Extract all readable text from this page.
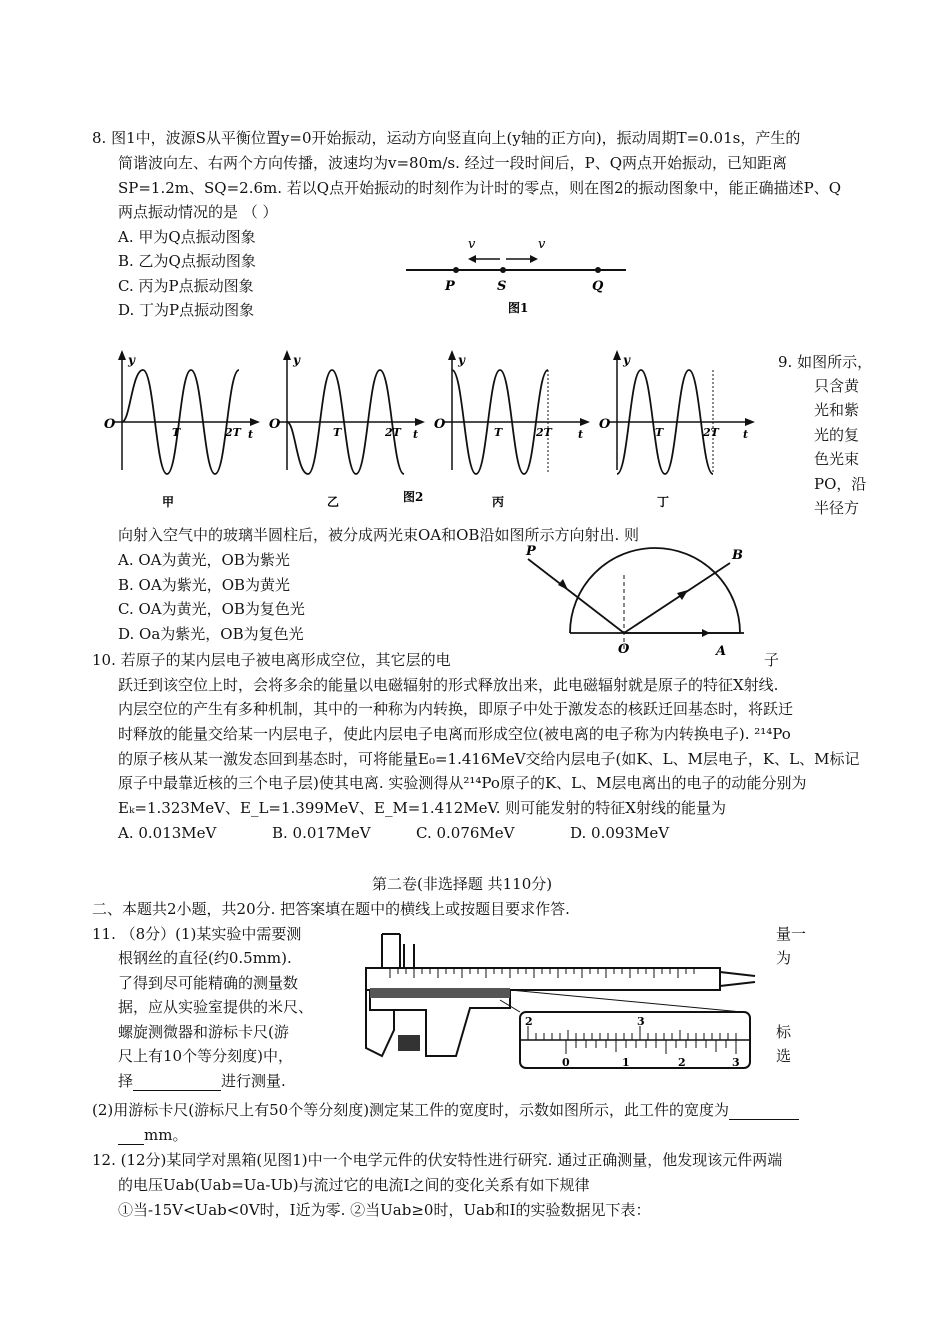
8. 图1中，波源S从平衡位置y=0开始振动，运动方向竖直向上(y轴的正方向)，振动周期T=0.01s，产生的
简谐波向左、右两个方向传播，波速均为v=80m/s. 经过一段时间后，P、Q两点开始振动，已知距离
SP=1.2m、SQ=2.6m. 若以Q点开始振动的时刻作为计时的零点，则在图2的振动图象中，能正确描述P、Q
两点振动情况的是 （ ）
A. 甲为Q点振动图象
B. 乙为Q点振动图象
C. 丙为P点振动图象
D. 丁为P点振动图象
v	v
P	S	Q
图1
y
O
T	2T t
甲
y
O
T	2T t
乙
y
O
T	2T t
丙
y
O
T	2T t
丁
图2
9. 如图所示，
只含黄
光和紫
光的复
色光束
PO，沿
半径方
向射入空气中的玻璃半圆柱后，被分成两光束OA和OB沿如图所示方向射出. 则
A. OA为黄光，OB为紫光
B. OA为紫光，OB为黄光
C. OA为黄光，OB为复色光
D. Oa为紫光，OB为复色光
P	B
O	A
10. 若原子的某内层电子被电离形成空位，其它层的电	子
跃迁到该空位上时，会将多余的能量以电磁辐射的形式释放出来，此电磁辐射就是原子的特征X射线.
内层空位的产生有多种机制，其中的一种称为内转换，即原子中处于激发态的核跃迁回基态时，将跃迁
时释放的能量交给某一内层电子，使此内层电子电离而形成空位(被电离的电子称为内转换电子). ²¹⁴Po
的原子核从某一激发态回到基态时，可将能量E₀=1.416MeV交给内层电子(如K、L、M层电子，K、L、M标记
原子中最靠近核的三个电子层)使其电离. 实验测得从²¹⁴Po原子的K、L、M层电离出的电子的动能分别为
Eₖ=1.323MeV、E_L=1.399MeV、E_M=1.412MeV. 则可能发射的特征X射线的能量为
A. 0.013MeV	B. 0.017MeV	C. 0.076MeV	D. 0.093MeV
第二卷(非选择题 共110分)
二、本题共2小题，共20分. 把答案填在题中的横线上或按题目要求作答.
11. （8分）(1)某实验中需要测
根钢丝的直径(约0.5mm).
了得到尽可能精确的测量数
据，应从实验室提供的米尺、
螺旋测微器和游标卡尺(游
尺上有10个等分刻度)中，
择	进行测量.
量一
为
标
选
2	3
0	1	2	3
(2)用游标卡尺(游标尺上有50个等分刻度)测定某工件的宽度时，示数如图所示，此工件的宽度为
mm。
12. (12分)某同学对黑箱(见图1)中一个电学元件的伏安特性进行研究. 通过正确测量，他发现该元件两端
的电压Uab(Uab=Ua-Ub)与流过它的电流I之间的变化关系有如下规律
①当-15V<Uab<0V时，I近为零. ②当Uab≥0时，Uab和I的实验数据见下表：
